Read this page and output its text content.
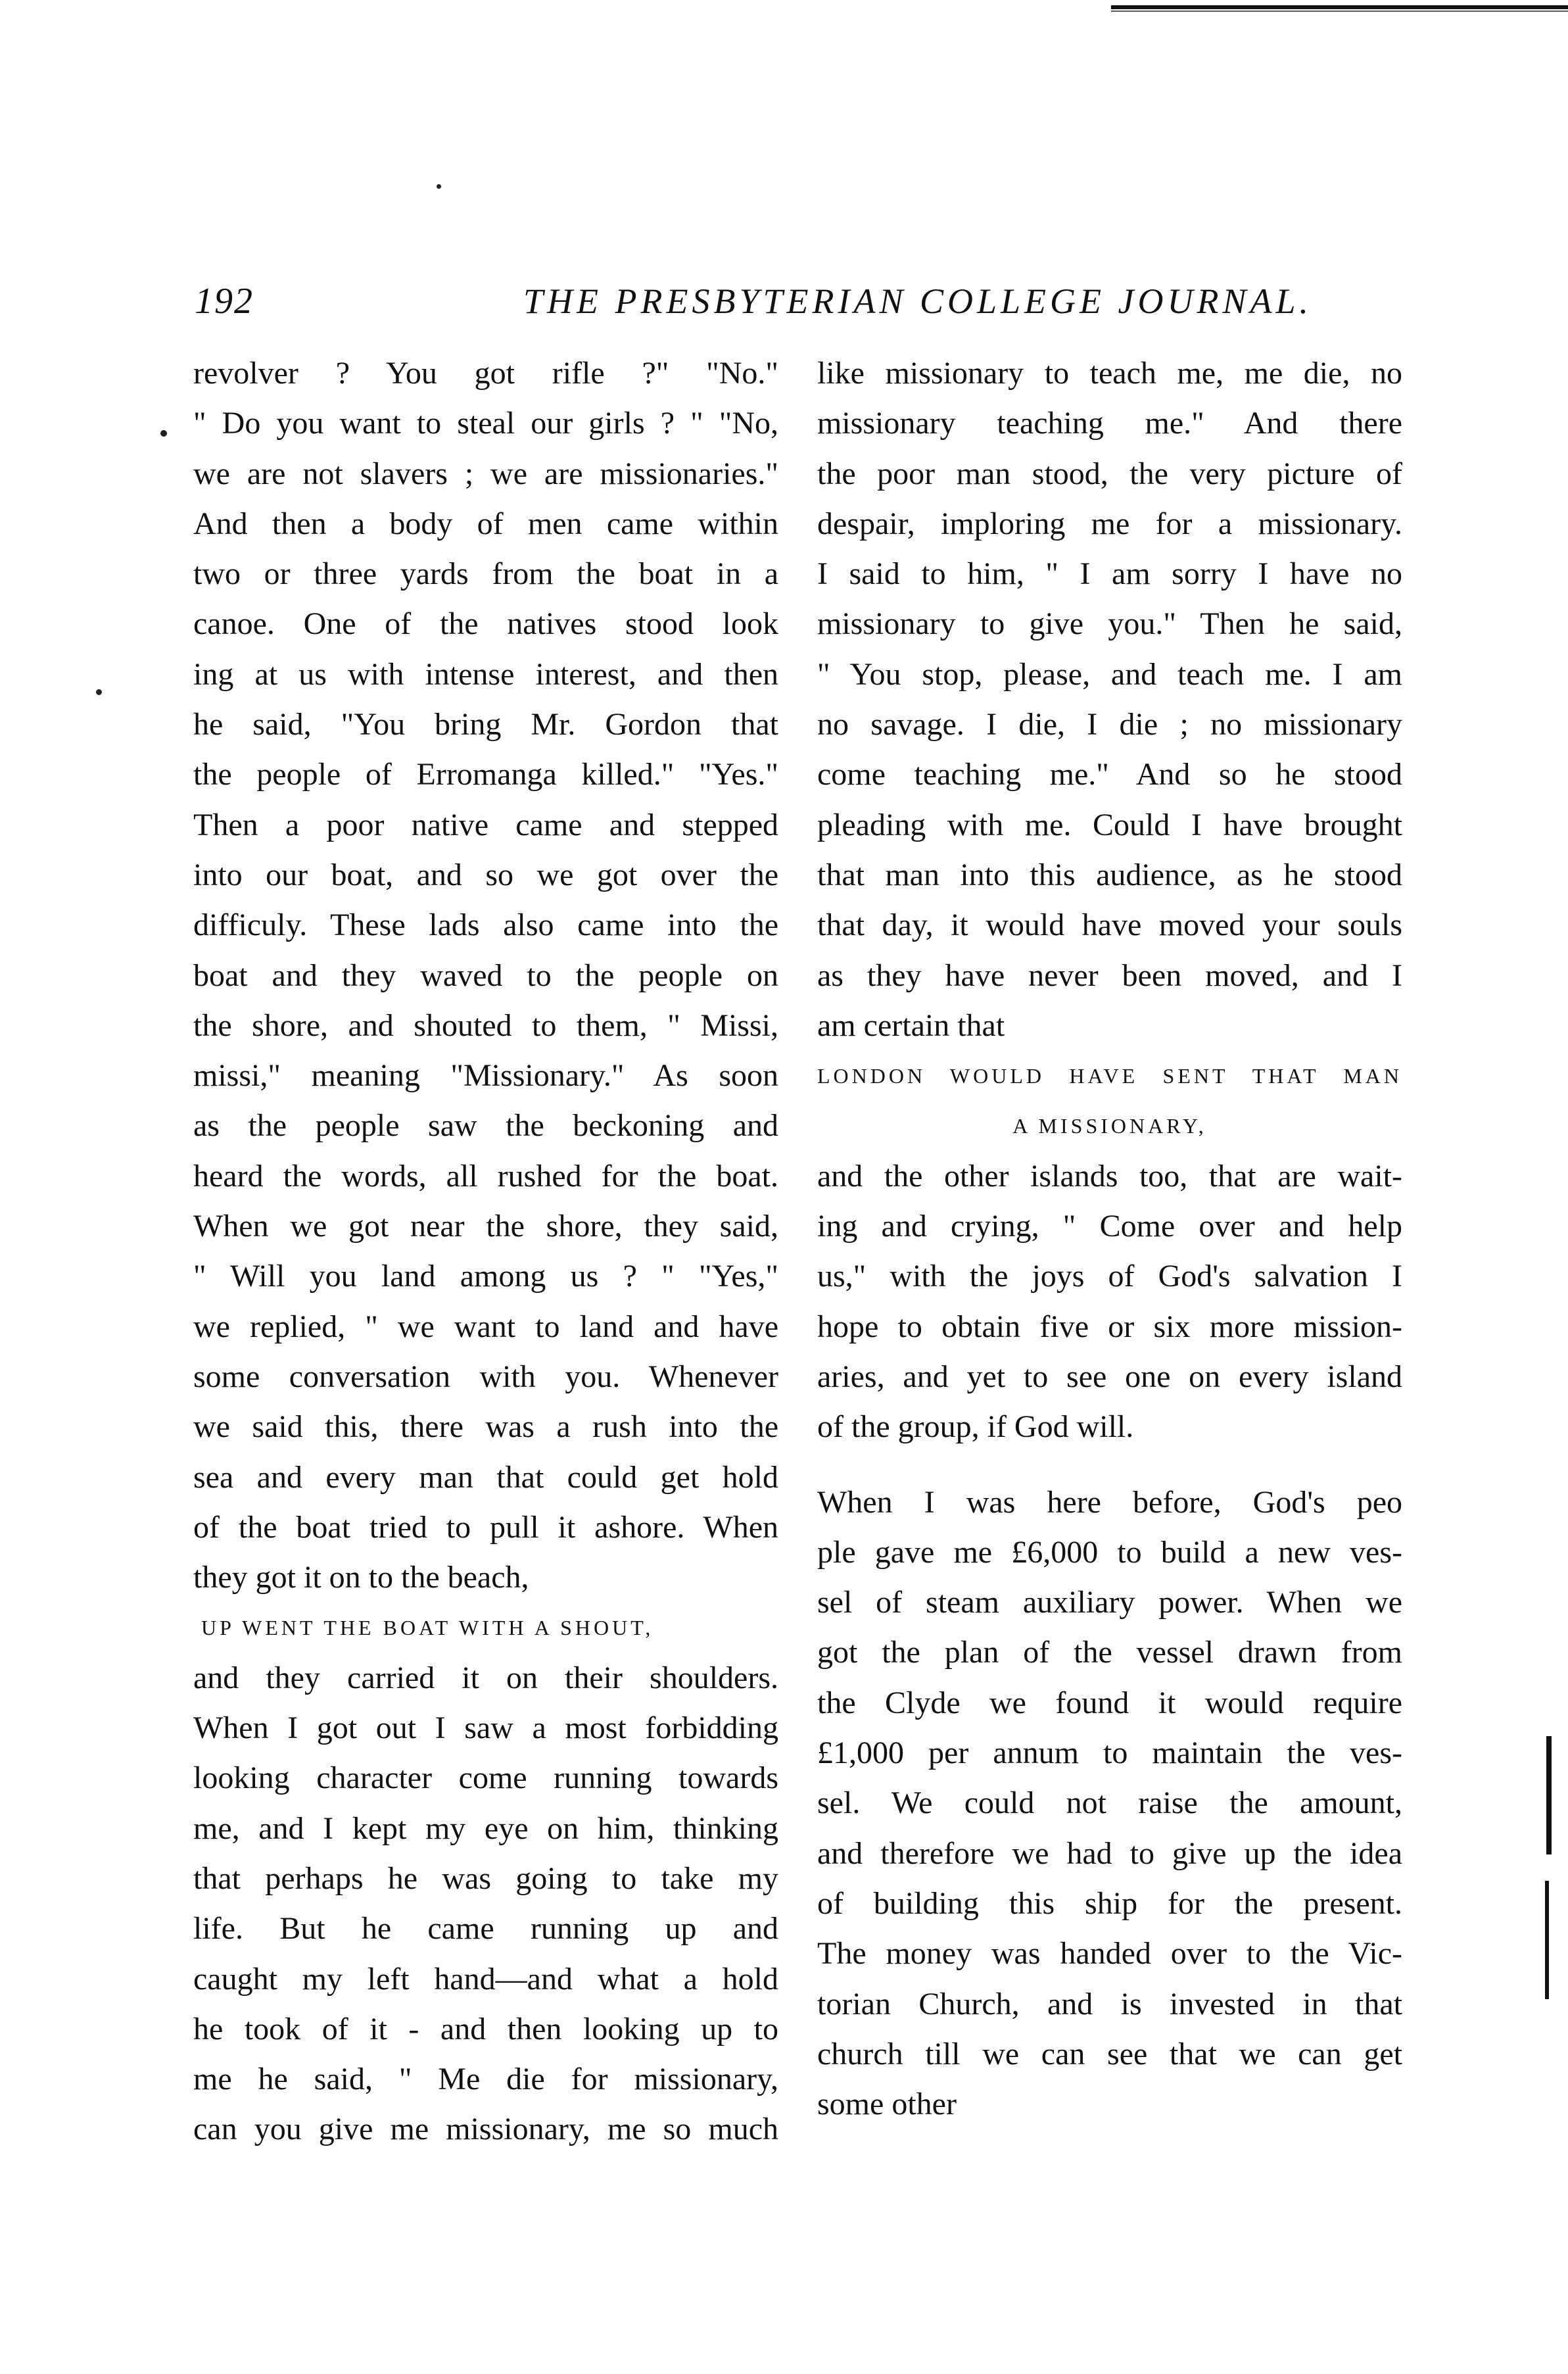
192	THE PRESBYTERIAN COLLEGE JOURNAL.
revolver ? You got rifle ?" "No."
" Do you want to steal our girls ? " "No,
we are not slavers ; we are missionaries."
And then a body of men came within
two or three yards from the boat in a
canoe. One of the natives stood look
ing at us with intense interest, and then
he said, "You bring Mr. Gordon that
the people of Erromanga killed." "Yes."
Then a poor native came and stepped
into our boat, and so we got over the
difficuly. These lads also came into the
boat and they waved to the people on
the shore, and shouted to them, " Missi,
missi," meaning "Missionary." As soon
as the people saw the beckoning and
heard the words, all rushed for the boat.
When we got near the shore, they said,
" Will you land among us ? " "Yes,"
we replied, " we want to land and have
some conversation with you. Whenever
we said this, there was a rush into the
sea and every man that could get hold
of the boat tried to pull it ashore. When
they got it on to the beach,
UP WENT THE BOAT WITH A SHOUT,
and they carried it on their shoulders.
When I got out I saw a most forbidding
looking character come running towards
me, and I kept my eye on him, thinking
that perhaps he was going to take my
life. But he came running up and
caught my left hand—and what a hold
he took of it - and then looking up to
me he said, " Me die for missionary,
can you give me missionary, me so much
like missionary to teach me, me die, no
missionary teaching me." And there
the poor man stood, the very picture of
despair, imploring me for a missionary.
I said to him, " I am sorry I have no
missionary to give you." Then he said,
" You stop, please, and teach me. I am
no savage. I die, I die ; no missionary
come teaching me." And so he stood
pleading with me. Could I have brought
that man into this audience, as he stood
that day, it would have moved your souls
as they have never been moved, and I
am certain that
LONDON WOULD HAVE SENT THAT MAN
A MISSIONARY,
and the other islands too, that are wait-
ing and crying, " Come over and help
us," with the joys of God's salvation I
hope to obtain five or six more mission-
aries, and yet to see one on every island
of the group, if God will.
When I was here before, God's peo
ple gave me £6,000 to build a new ves-
sel of steam auxiliary power. When we
got the plan of the vessel drawn from
the Clyde we found it would require
£1,000 per annum to maintain the ves-
sel. We could not raise the amount,
and therefore we had to give up the idea
of building this ship for the present.
The money was handed over to the Vic-
torian Church, and is invested in that
church till we can see that we can get
some other
